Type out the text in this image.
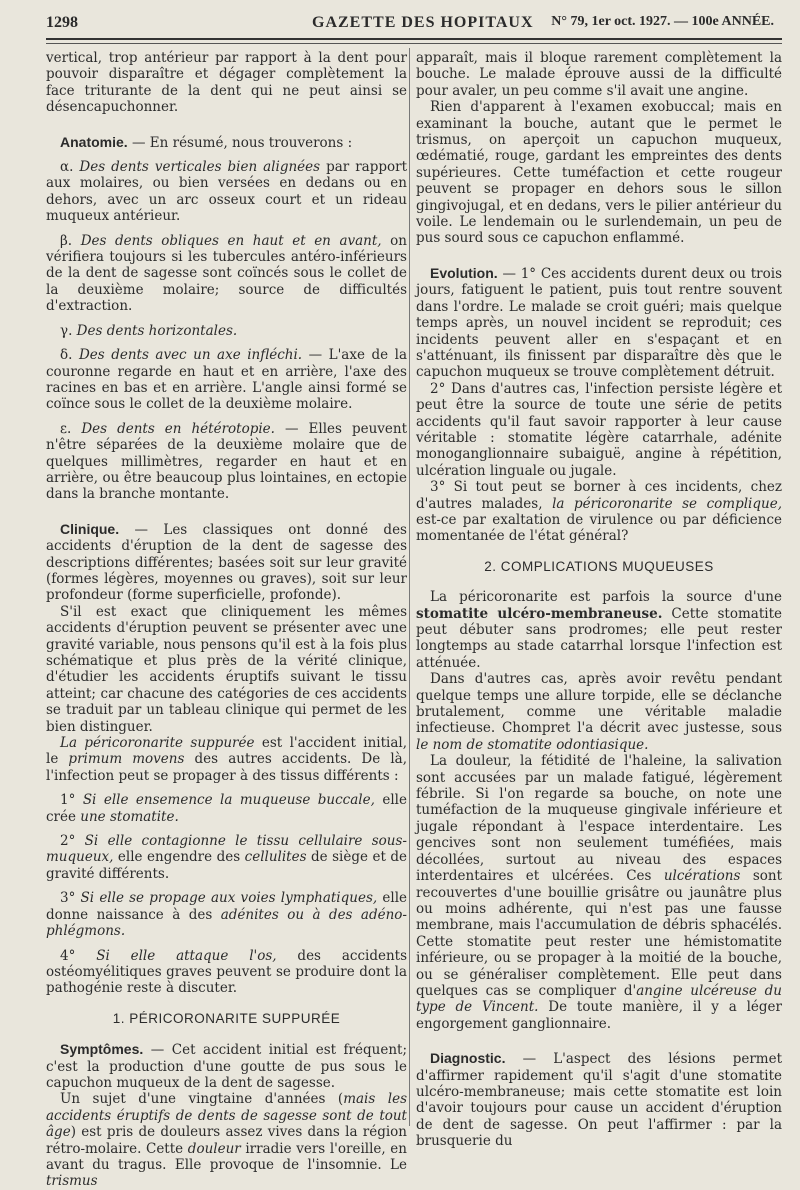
1298	GAZETTE DES HOPITAUX N° 79, 1er oct. 1927. — 100e ANNÉE.

vertical, trop antérieur par rapport à la dent pour pouvoir disparaître et dégager complètement la face triturante de la dent qui ne peut ainsi se désencapuchonner.

Anatomie. — En résumé, nous trouverons :

α. Des dents verticales bien alignées par rapport aux molaires, ou bien versées en dedans ou en dehors, avec un arc osseux court et un rideau muqueux antérieur.

β. Des dents obliques en haut et en avant, on vérifiera toujours si les tubercules antéro-inférieurs de la dent de sagesse sont coïncés sous le collet de la deuxième molaire; source de difficultés d'extraction.

γ. Des dents horizontales.

δ. Des dents avec un axe infléchi. — L'axe de la couronne regarde en haut et en arrière, l'axe des racines en bas et en arrière. L'angle ainsi formé se coïnce sous le collet de la deuxième molaire.

ε. Des dents en hétérotopie. — Elles peuvent n'être séparées de la deuxième molaire que de quelques millimètres, regarder en haut et en arrière, ou être beaucoup plus lointaines, en ectopie dans la branche montante.

Clinique. — Les classiques ont donné des accidents d'éruption de la dent de sagesse des descriptions différentes; basées soit sur leur gravité (formes légères, moyennes ou graves), soit sur leur profondeur (forme superficielle, profonde).

S'il est exact que cliniquement les mêmes accidents d'éruption peuvent se présenter avec une gravité variable, nous pensons qu'il est à la fois plus schématique et plus près de la vérité clinique, d'étudier les accidents éruptifs suivant le tissu atteint; car chacune des catégories de ces accidents se traduit par un tableau clinique qui permet de les bien distinguer.

La péricoronarite suppurée est l'accident initial, le primum movens des autres accidents. De là, l'infection peut se propager à des tissus différents :

1° Si elle ensemence la muqueuse buccale, elle crée une stomatite.

2° Si elle contagionne le tissu cellulaire sous-muqueux, elle engendre des cellulites de siège et de gravité différents.

3° Si elle se propage aux voies lymphatiques, elle donne naissance à des adénites ou à des adéno-phlégmons.

4° Si elle attaque l'os, des accidents ostéomyélitiques graves peuvent se produire dont la pathogénie reste à discuter.

1. PÉRICORONARITE SUPPURÉE

Symptômes. — Cet accident initial est fréquent; c'est la production d'une goutte de pus sous le capuchon muqueux de la dent de sagesse.

Un sujet d'une vingtaine d'années (mais les accidents éruptifs de dents de sagesse sont de tout âge) est pris de douleurs assez vives dans la région rétro-molaire. Cette douleur irradie vers l'oreille, en avant du tragus. Elle provoque de l'insomnie. Le trismus

apparaît, mais il bloque rarement complètement la bouche. Le malade éprouve aussi de la difficulté pour avaler, un peu comme s'il avait une angine.

Rien d'apparent à l'examen exobuccal; mais en examinant la bouche, autant que le permet le trismus, on aperçoit un capuchon muqueux, œdématié, rouge, gardant les empreintes des dents supérieures. Cette tuméfaction et cette rougeur peuvent se propager en dehors sous le sillon gingivojugal, et en dedans, vers le pilier antérieur du voile. Le lendemain ou le surlendemain, un peu de pus sourd sous ce capuchon enflammé.

Evolution. — 1° Ces accidents durent deux ou trois jours, fatiguent le patient, puis tout rentre souvent dans l'ordre. Le malade se croit guéri; mais quelque temps après, un nouvel incident se reproduit; ces incidents peuvent aller en s'espaçant et en s'atténuant, ils finissent par disparaître dès que le capuchon muqueux se trouve complètement détruit.

2° Dans d'autres cas, l'infection persiste légère et peut être la source de toute une série de petits accidents qu'il faut savoir rapporter à leur cause véritable : stomatite légère catarrhale, adénite monoganglionnaire subaiguë, angine à répétition, ulcération linguale ou jugale.

3° Si tout peut se borner à ces incidents, chez d'autres malades, la péricoronarite se complique, est-ce par exaltation de virulence ou par déficience momentanée de l'état général?

2. COMPLICATIONS MUQUEUSES

La péricoronarite est parfois la source d'une stomatite ulcéro-membraneuse. Cette stomatite peut débuter sans prodromes; elle peut rester longtemps au stade catarrhal lorsque l'infection est atténuée.

Dans d'autres cas, après avoir revêtu pendant quelque temps une allure torpide, elle se déclanche brutalement, comme une véritable maladie infectieuse. Chompret l'a décrit avec justesse, sous le nom de stomatite odontiasique.

La douleur, la fétidité de l'haleine, la salivation sont accusées par un malade fatigué, légèrement fébrile. Si l'on regarde sa bouche, on note une tuméfaction de la muqueuse gingivale inférieure et jugale répondant à l'espace interdentaire. Les gencives sont non seulement tuméfiées, mais décollées, surtout au niveau des espaces interdentaires et ulcérées. Ces ulcérations sont recouvertes d'une bouillie grisâtre ou jaunâtre plus ou moins adhérente, qui n'est pas une fausse membrane, mais l'accumulation de débris sphacélés. Cette stomatite peut rester une hémistomatite inférieure, ou se propager à la moitié de la bouche, ou se généraliser complètement. Elle peut dans quelques cas se compliquer d'angine ulcéreuse du type de Vincent. De toute manière, il y a léger engorgement ganglionnaire.

Diagnostic. — L'aspect des lésions permet d'affirmer rapidement qu'il s'agit d'une stomatite ulcéro-membraneuse; mais cette stomatite est loin d'avoir toujours pour cause un accident d'éruption de dent de sagesse. On peut l'affirmer : par la brusquerie du
